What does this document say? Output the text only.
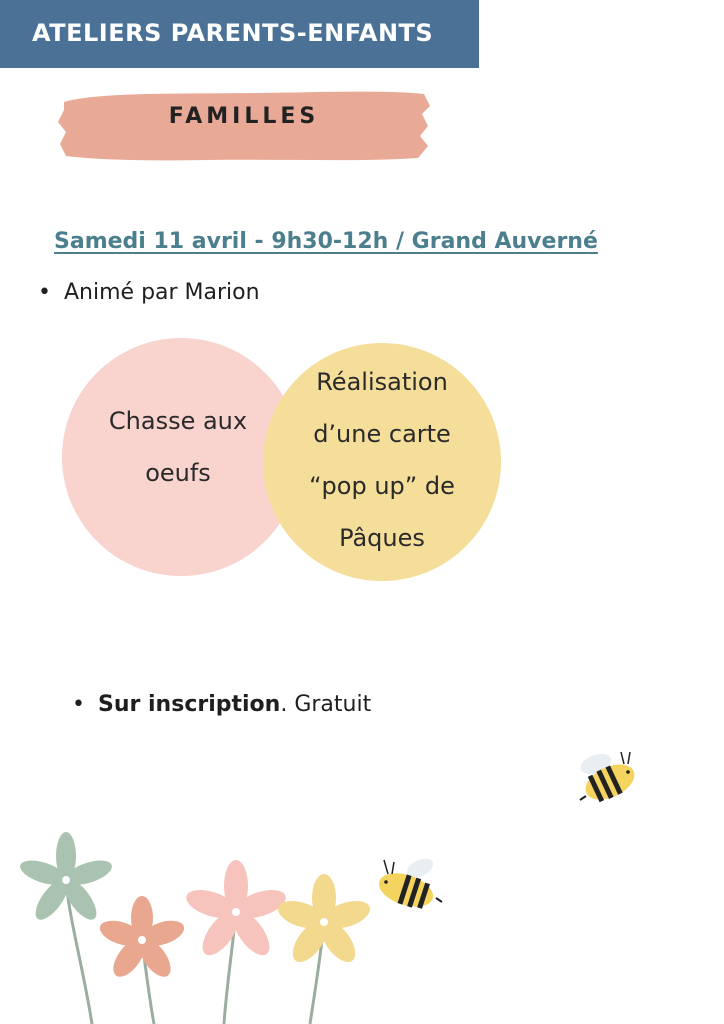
ATELIERS PARENTS-ENFANTS
FAMILLES
Samedi 11 avril - 9h30-12h / Grand Auverné
• Animé par Marion
Chasse aux oeufs
Réalisation d’une carte “pop up” de Pâques
• Sur inscription. Gratuit
